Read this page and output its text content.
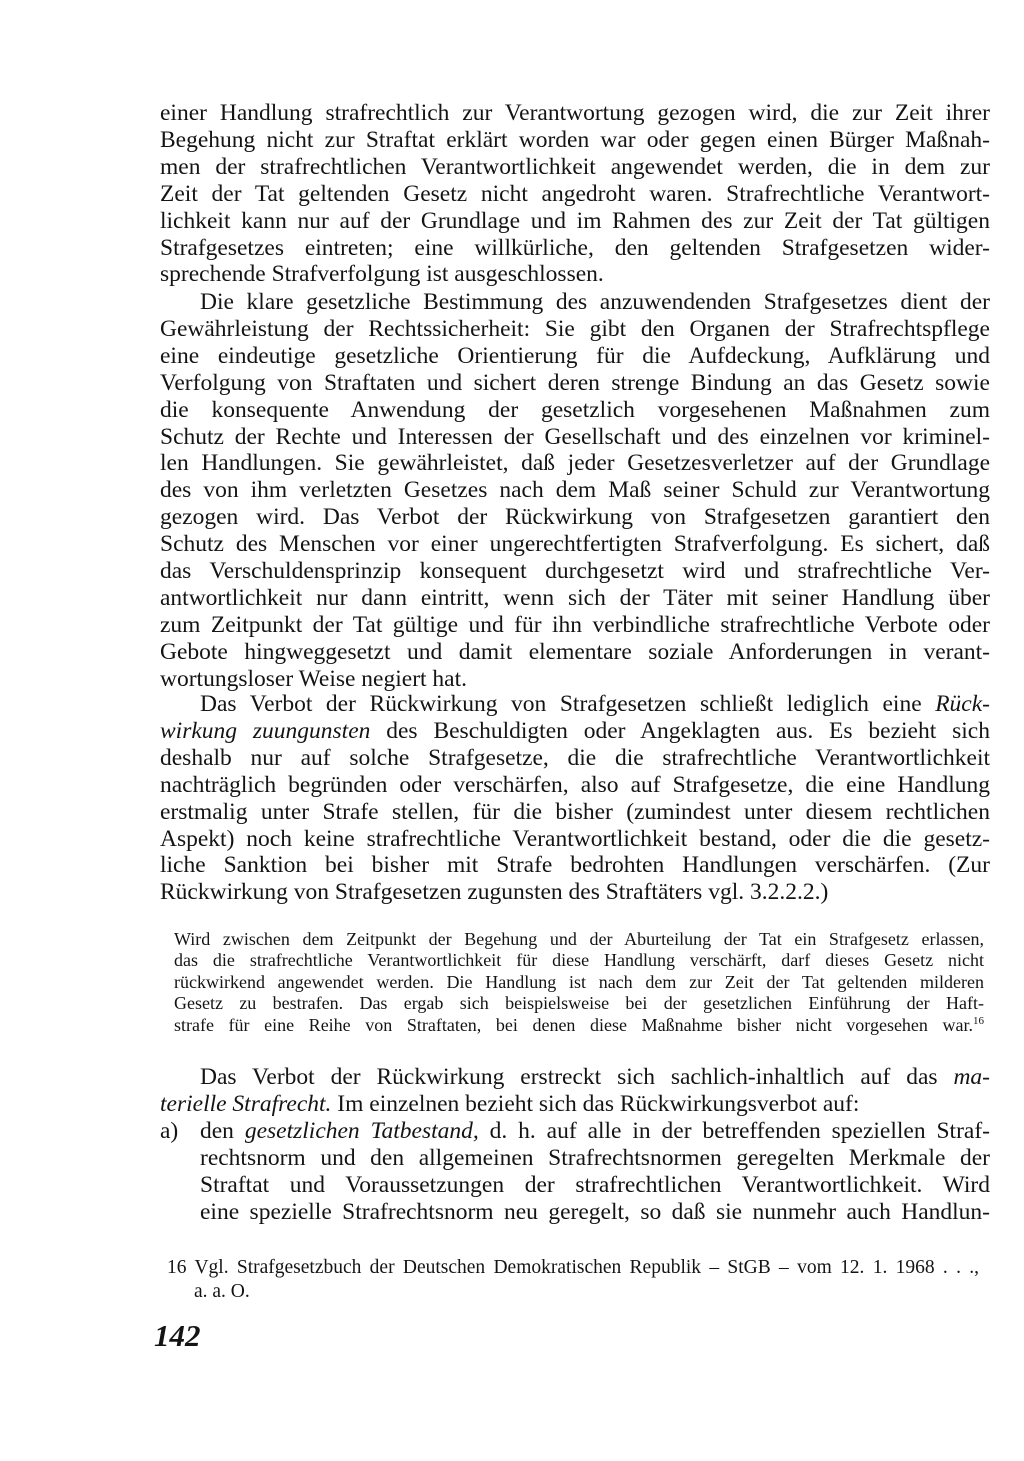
einer Handlung strafrechtlich zur Verantwortung gezogen wird, die zur Zeit ihrer
Begehung nicht zur Straftat erklärt worden war oder gegen einen Bürger Maßnah-
men der strafrechtlichen Verantwortlichkeit angewendet werden, die in dem zur
Zeit der Tat geltenden Gesetz nicht angedroht waren. Strafrechtliche Verantwort-
lichkeit kann nur auf der Grundlage und im Rahmen des zur Zeit der Tat gültigen
Strafgesetzes eintreten; eine willkürliche, den geltenden Strafgesetzen wider-
sprechende Strafverfolgung ist ausgeschlossen.
Die klare gesetzliche Bestimmung des anzuwendenden Strafgesetzes dient der
Gewährleistung der Rechtssicherheit: Sie gibt den Organen der Strafrechtspflege
eine eindeutige gesetzliche Orientierung für die Aufdeckung, Aufklärung und
Verfolgung von Straftaten und sichert deren strenge Bindung an das Gesetz sowie
die konsequente Anwendung der gesetzlich vorgesehenen Maßnahmen zum
Schutz der Rechte und Interessen der Gesellschaft und des einzelnen vor kriminel-
len Handlungen. Sie gewährleistet, daß jeder Gesetzesverletzer auf der Grundlage
des von ihm verletzten Gesetzes nach dem Maß seiner Schuld zur Verantwortung
gezogen wird. Das Verbot der Rückwirkung von Strafgesetzen garantiert den
Schutz des Menschen vor einer ungerechtfertigten Strafverfolgung. Es sichert, daß
das Verschuldensprinzip konsequent durchgesetzt wird und strafrechtliche Ver-
antwortlichkeit nur dann eintritt, wenn sich der Täter mit seiner Handlung über
zum Zeitpunkt der Tat gültige und für ihn verbindliche strafrechtliche Verbote oder
Gebote hingweggesetzt und damit elementare soziale Anforderungen in verant-
wortungsloser Weise negiert hat.
Das Verbot der Rückwirkung von Strafgesetzen schließt lediglich eine Rück-
wirkung zuungunsten des Beschuldigten oder Angeklagten aus. Es bezieht sich
deshalb nur auf solche Strafgesetze, die die strafrechtliche Verantwortlichkeit
nachträglich begründen oder verschärfen, also auf Strafgesetze, die eine Handlung
erstmalig unter Strafe stellen, für die bisher (zumindest unter diesem rechtlichen
Aspekt) noch keine strafrechtliche Verantwortlichkeit bestand, oder die die gesetz-
liche Sanktion bei bisher mit Strafe bedrohten Handlungen verschärfen. (Zur
Rückwirkung von Strafgesetzen zugunsten des Straftäters vgl. 3.2.2.2.)
Wird zwischen dem Zeitpunkt der Begehung und der Aburteilung der Tat ein Strafgesetz erlassen,
das die strafrechtliche Verantwortlichkeit für diese Handlung verschärft, darf dieses Gesetz nicht
rückwirkend angewendet werden. Die Handlung ist nach dem zur Zeit der Tat geltenden milderen
Gesetz zu bestrafen. Das ergab sich beispielsweise bei der gesetzlichen Einführung der Haft-
strafe für eine Reihe von Straftaten, bei denen diese Maßnahme bisher nicht vorgesehen war.$^{16}$
Das Verbot der Rückwirkung erstreckt sich sachlich-inhaltlich auf das ma-
terielle Strafrecht. Im einzelnen bezieht sich das Rückwirkungsverbot auf:
a) den gesetzlichen Tatbestand, d. h. auf alle in der betreffenden speziellen Straf-
rechtsnorm und den allgemeinen Strafrechtsnormen geregelten Merkmale der
Straftat und Voraussetzungen der strafrechtlichen Verantwortlichkeit. Wird
eine spezielle Strafrechtsnorm neu geregelt, so daß sie nunmehr auch Handlun-
16 Vgl. Strafgesetzbuch der Deutschen Demokratischen Republik – StGB – vom 12. 1. 1968 . . .,
a. a. O.
142
